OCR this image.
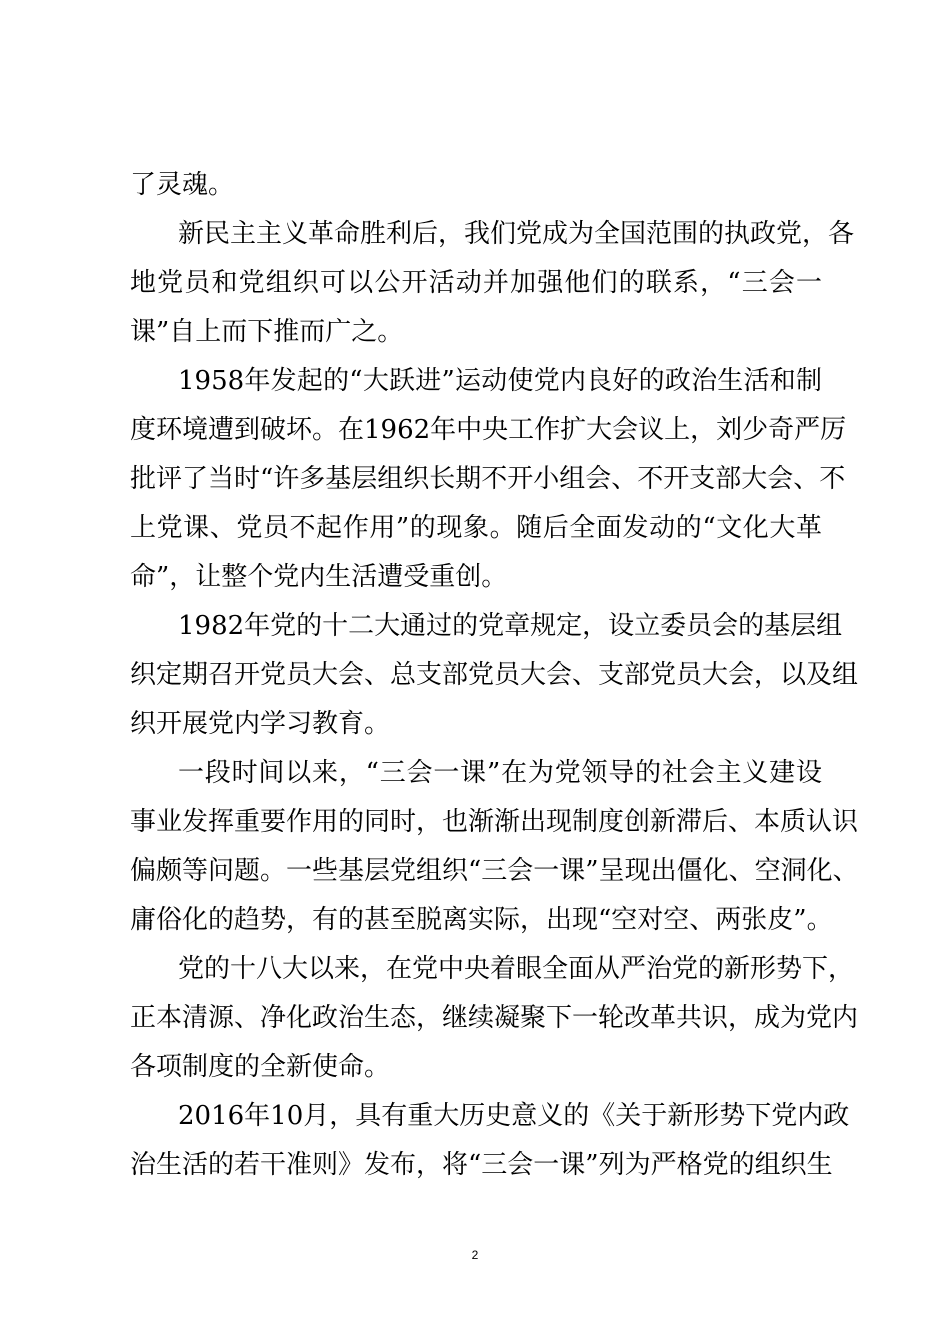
了灵魂。
新民主主义革命胜利后，我们党成为全国范围的执政党，各
地党员和党组织可以公开活动并加强他们的联系，“三会一
课”自上而下推而广之。
1958年发起的“大跃进”运动使党内良好的政治生活和制
度环境遭到破坏。在1962年中央工作扩大会议上，刘少奇严厉
批评了当时“许多基层组织长期不开小组会、不开支部大会、不
上党课、党员不起作用”的现象。随后全面发动的“文化大革
命”，让整个党内生活遭受重创。
1982年党的十二大通过的党章规定，设立委员会的基层组
织定期召开党员大会、总支部党员大会、支部党员大会，以及组
织开展党内学习教育。
一段时间以来，“三会一课”在为党领导的社会主义建设
事业发挥重要作用的同时，也渐渐出现制度创新滞后、本质认识
偏颇等问题。一些基层党组织“三会一课”呈现出僵化、空洞化、
庸俗化的趋势，有的甚至脱离实际，出现“空对空、两张皮”。
党的十八大以来，在党中央着眼全面从严治党的新形势下，
正本清源、净化政治生态，继续凝聚下一轮改革共识，成为党内
各项制度的全新使命。
2016年10月，具有重大历史意义的《关于新形势下党内政
治生活的若干准则》发布，将“三会一课”列为严格党的组织生
2
